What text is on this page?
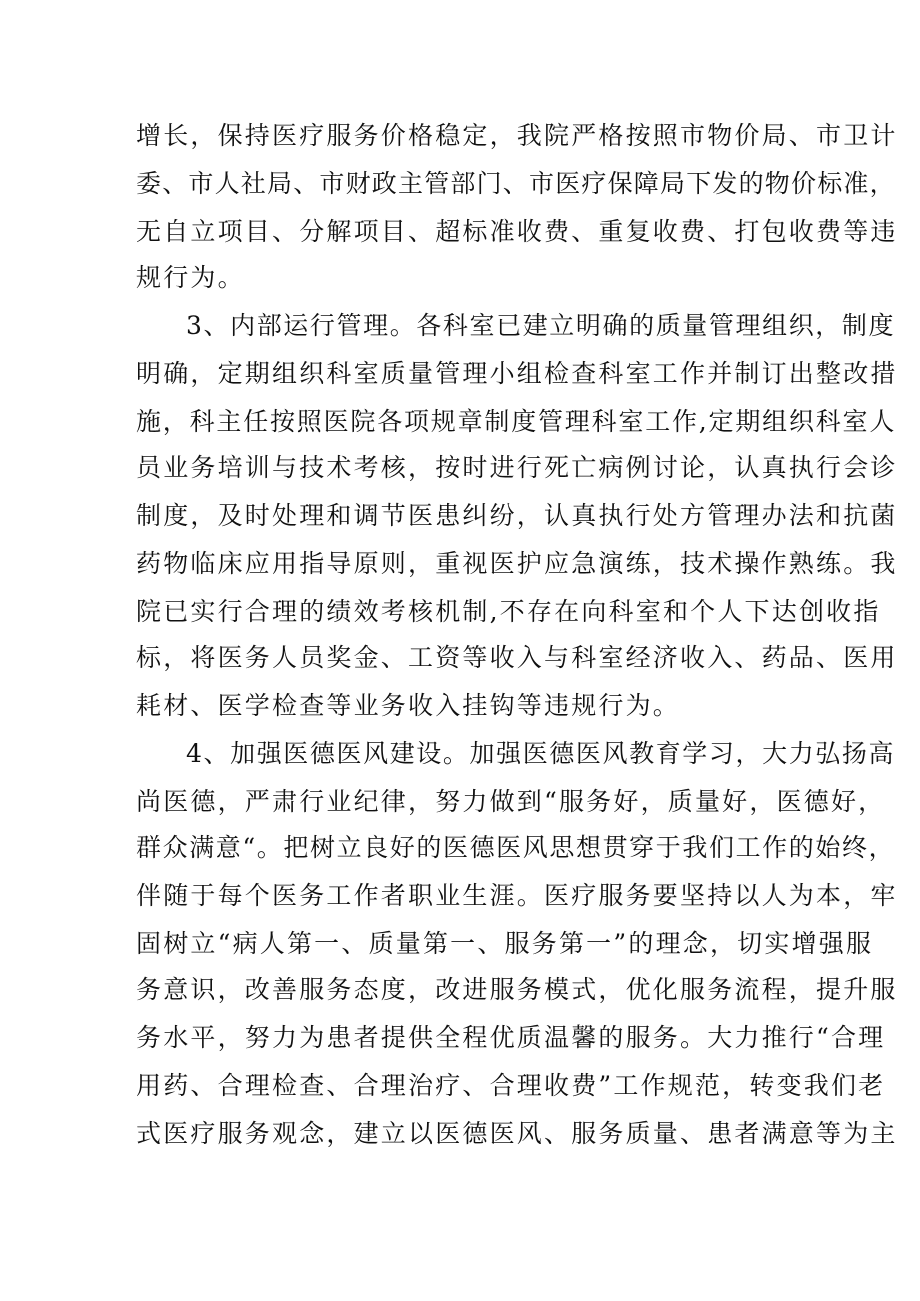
增长，保持医疗服务价格稳定，我院严格按照市物价局、市卫计
委、市人社局、市财政主管部门、市医疗保障局下发的物价标准，
无自立项目、分解项目、超标准收费、重复收费、打包收费等违
规行为。
3、内部运行管理。各科室已建立明确的质量管理组织，制度
明确，定期组织科室质量管理小组检查科室工作并制订出整改措
施，科主任按照医院各项规章制度管理科室工作,定期组织科室人
员业务培训与技术考核，按时进行死亡病例讨论，认真执行会诊
制度，及时处理和调节医患纠纷，认真执行处方管理办法和抗菌
药物临床应用指导原则，重视医护应急演练，技术操作熟练。我
院已实行合理的绩效考核机制,不存在向科室和个人下达创收指
标，将医务人员奖金、工资等收入与科室经济收入、药品、医用
耗材、医学检查等业务收入挂钩等违规行为。
4、加强医德医风建设。加强医德医风教育学习，大力弘扬高
尚医德，严肃行业纪律，努力做到“服务好，质量好，医德好，
群众满意“。把树立良好的医德医风思想贯穿于我们工作的始终，
伴随于每个医务工作者职业生涯。医疗服务要坚持以人为本，牢
固树立“病人第一、质量第一、服务第一”的理念，切实增强服
务意识，改善服务态度，改进服务模式，优化服务流程，提升服
务水平，努力为患者提供全程优质温馨的服务。大力推行“合理
用药、合理检查、合理治疗、合理收费”工作规范，转变我们老
式医疗服务观念，建立以医德医风、服务质量、患者满意等为主
